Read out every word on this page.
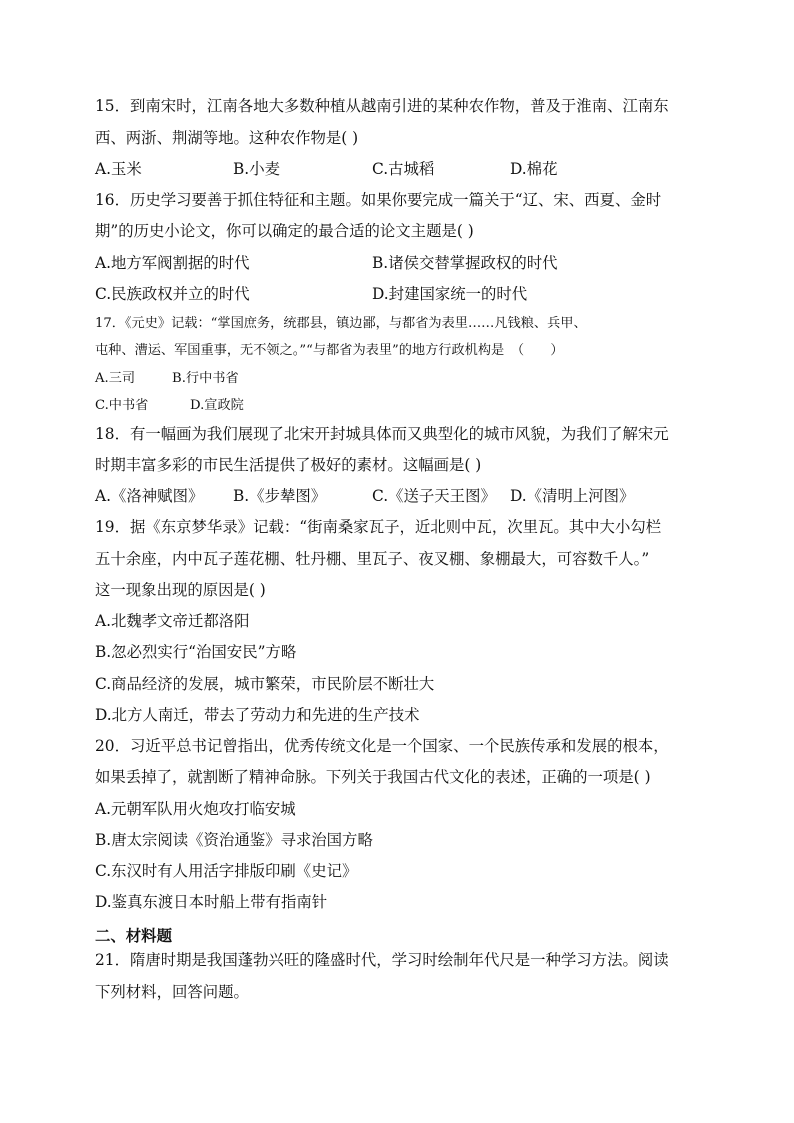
15．到南宋时，江南各地大多数种植从越南引进的某种农作物，普及于淮南、江南东
西、两浙、荆湖等地。这种农作物是( )
A.玉米	B.小麦	C.古城稻	D.棉花
16．历史学习要善于抓住特征和主题。如果你要完成一篇关于“辽、宋、西夏、金时
期”的历史小论文，你可以确定的最合适的论文主题是( )
A.地方军阀割据的时代	B.诸侯交替掌握政权的时代
C.民族政权并立的时代	D.封建国家统一的时代
17．《元史》记载：“掌国庶务，统郡县，镇边鄙，与都省为表里……凡钱粮、兵甲、
屯种、漕运、军国重事，无不领之。”“与都省为表里”的地方行政机构是　（　　）
A.三司	B.行中书省
C.中书省	D.宣政院
18．有一幅画为我们展现了北宋开封城具体而又典型化的城市风貌，为我们了解宋元
时期丰富多彩的市民生活提供了极好的素材。这幅画是( )
A.《洛神赋图》 B.《步辇图》	C.《送子天王图》 D.《清明上河图》
19．据《东京梦华录》记载：“街南桑家瓦子，近北则中瓦，次里瓦。其中大小勾栏
五十余座，内中瓦子莲花棚、牡丹棚、里瓦子、夜叉棚、象棚最大，可容数千人。”
这一现象出现的原因是( )
A.北魏孝文帝迁都洛阳
B.忽必烈实行“治国安民”方略
C.商品经济的发展，城市繁荣，市民阶层不断壮大
D.北方人南迁，带去了劳动力和先进的生产技术
20．习近平总书记曾指出，优秀传统文化是一个国家、一个民族传承和发展的根本，
如果丢掉了，就割断了精神命脉。下列关于我国古代文化的表述，正确的一项是( )
A.元朝军队用火炮攻打临安城
B.唐太宗阅读《资治通鉴》寻求治国方略
C.东汉时有人用活字排版印刷《史记》
D.鉴真东渡日本时船上带有指南针
二、材料题
21．隋唐时期是我国蓬勃兴旺的隆盛时代，学习时绘制年代尺是一种学习方法。阅读
下列材料，回答问题。
